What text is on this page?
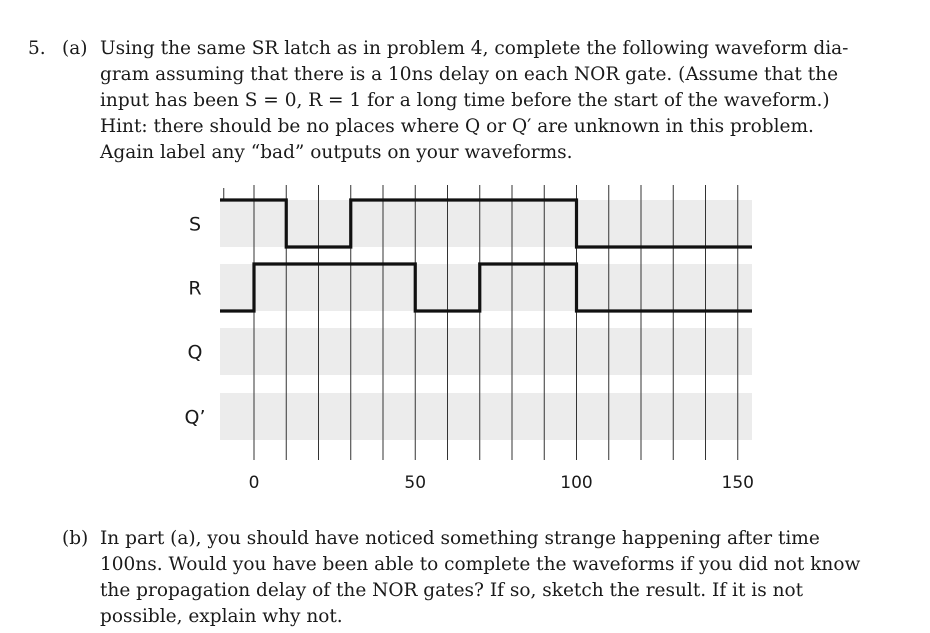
5. (a) Using the same SR latch as in problem 4, complete the following waveform dia-
gram assuming that there is a 10ns delay on each NOR gate. (Assume that the
input has been S = 0, R = 1 for a long time before the start of the waveform.)
Hint: there should be no places where Q or Q′ are unknown in this problem.
Again label any “bad” outputs on your waveforms.
S
R
Q
Q’
0	50	100	150
(b) In part (a), you should have noticed something strange happening after time
100ns. Would you have been able to complete the waveforms if you did not know
the propagation delay of the NOR gates? If so, sketch the result. If it is not
possible, explain why not.
